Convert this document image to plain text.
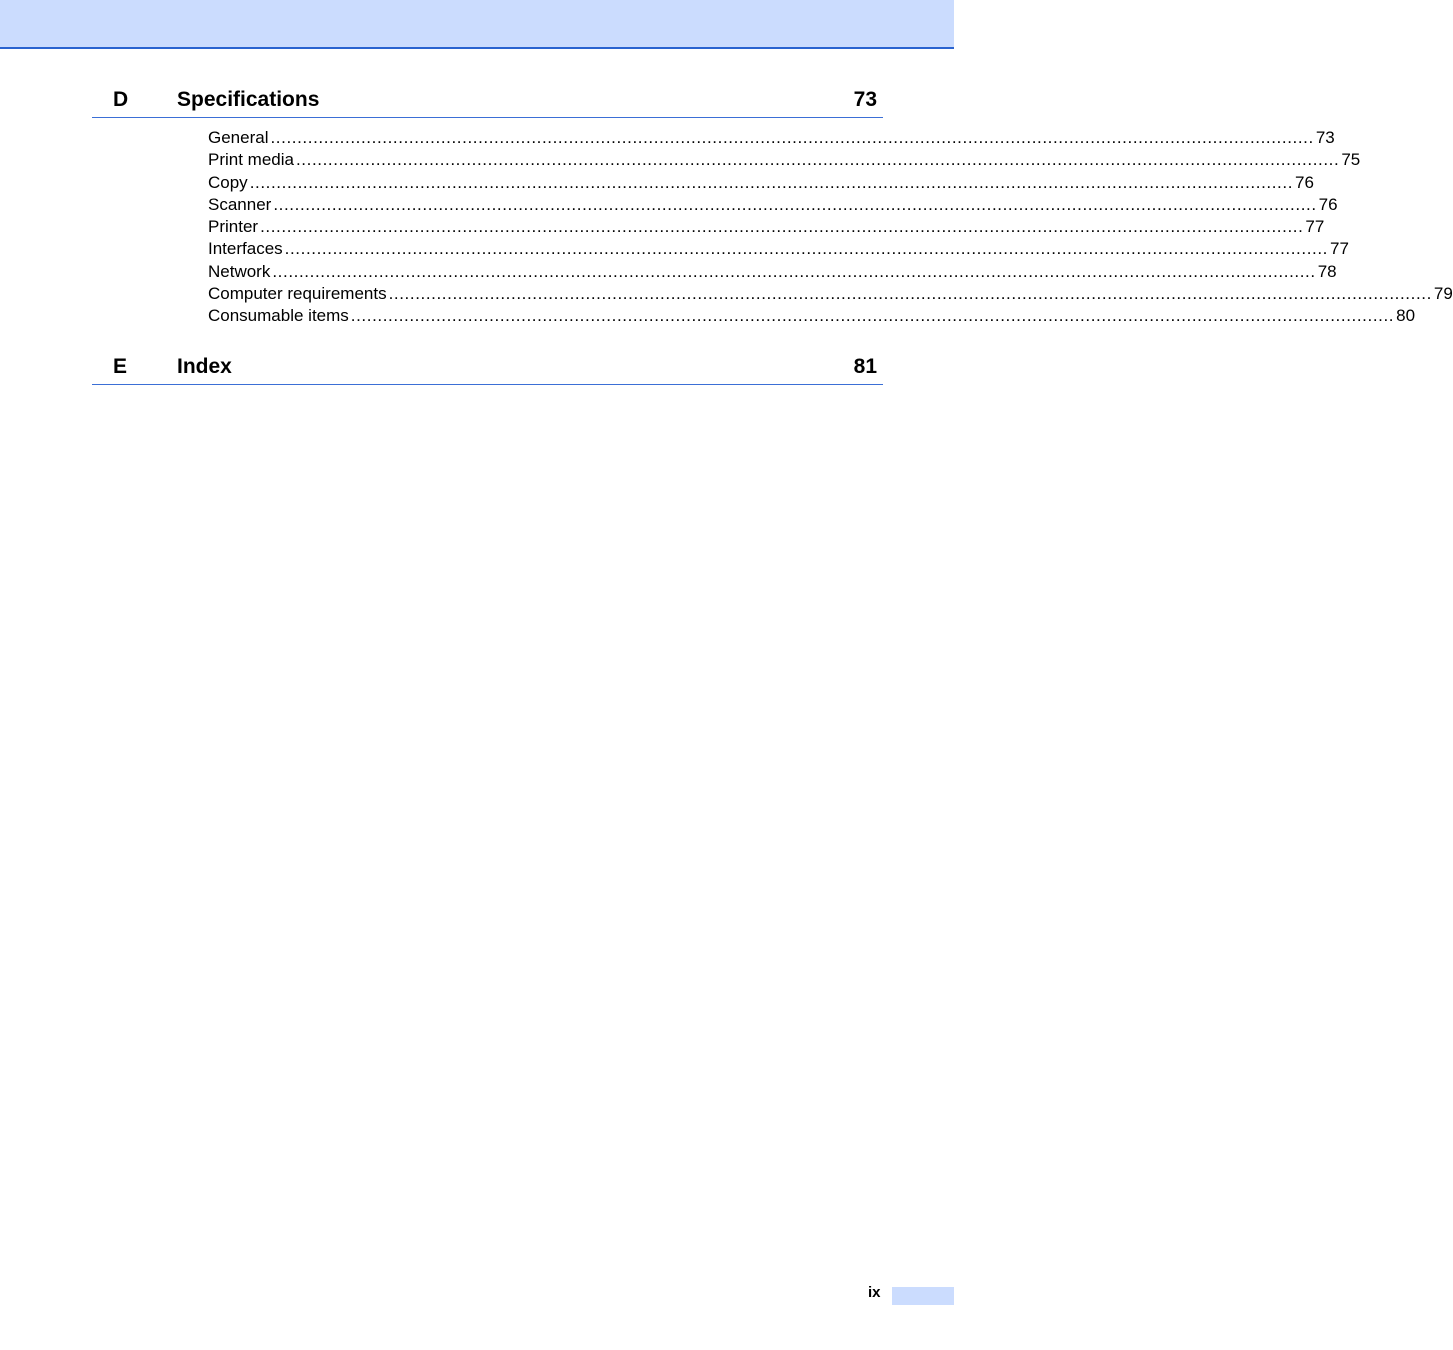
D Specifications	73
General .................................................................................................................................................................................................... 73
Print media .................................................................................................................................................................................................... 75
Copy .................................................................................................................................................................................................... 76
Scanner .................................................................................................................................................................................................... 76
Printer .................................................................................................................................................................................................... 77
Interfaces .................................................................................................................................................................................................... 77
Network .................................................................................................................................................................................................... 78
Computer requirements .................................................................................................................................................................................................... 79
Consumable items .................................................................................................................................................................................................... 80
E Index	81
ix
